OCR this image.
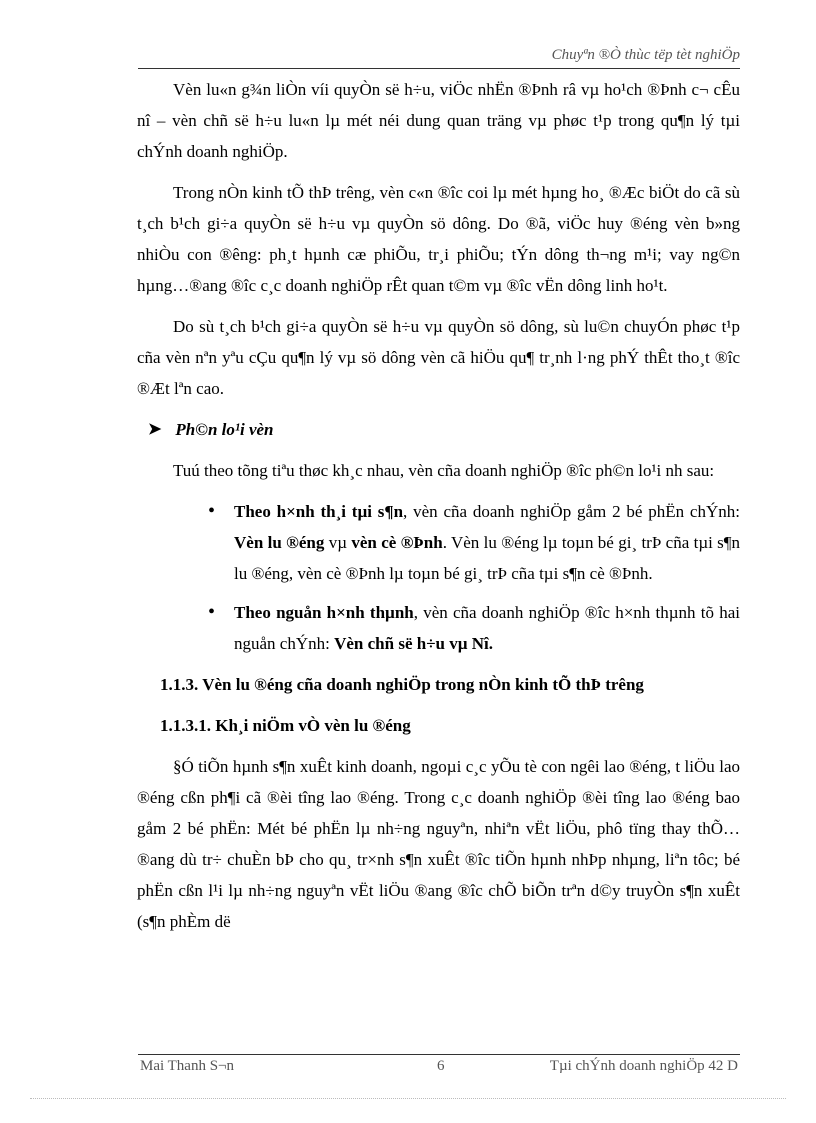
Chuyªn ®Ò thùc tëp tèt nghiÖp

Vèn lu«n g¾n liÒn víi quyÒn së h÷u, viÖc nhËn ®Þnh râ vµ ho¹ch ®Þnh c¬ cÊu nî – vèn chñ së h÷u lu«n lµ mét néi dung quan träng vµ phøc t¹p trong qu¶n lý tµi chÝnh doanh nghiÖp.

Trong nÒn kinh tÕ thÞ trêng, vèn c«n ®îc coi lµ mét hµng ho¸ ®Æc biÖt do cã sù t¸ch b¹ch gi÷a quyÒn së h÷u vµ quyÒn sö dông. Do ®ã, viÖc huy ®éng vèn b»ng nhiÒu con ®êng: ph¸t hµnh cæ phiÕu, tr¸i phiÕu; tÝn dông th¬ng m¹i; vay ng©n hµng…®ang ®îc c¸c doanh nghiÖp rÊt quan t©m vµ ®îc vËn dông linh ho¹t.

Do sù t¸ch b¹ch gi÷a quyÒn së h÷u vµ quyÒn sö dông, sù lu©n chuyÓn phøc t¹p cña vèn nªn yªu cÇu qu¶n lý vµ sö dông vèn cã hiÖu qu¶ tr¸nh l·ng phÝ thÊt tho¸t ®îc ®Æt lªn cao.

➤ Ph©n lo¹i vèn

Tuú theo tõng tiªu thøc kh¸c nhau, vèn cña doanh nghiÖp ®îc ph©n lo¹i nh sau:

• Theo h×nh th¸i tµi s¶n, vèn cña doanh nghiÖp gåm 2 bé phËn chÝnh: Vèn lu ®éng vµ vèn cè ®Þnh. Vèn lu ®éng lµ toµn bé gi¸ trÞ cña tµi s¶n lu ®éng, vèn cè ®Þnh lµ toµn bé gi¸ trÞ cña tµi s¶n cè ®Þnh.
• Theo nguån h×nh thµnh, vèn cña doanh nghiÖp ®îc h×nh thµnh tõ hai nguån chÝnh: Vèn chñ së h÷u vµ Nî.
1.1.3. Vèn lu ®éng cña doanh nghiÖp trong nÒn kinh tÕ thÞ trêng
1.1.3.1. Kh¸i niÖm vÒ vèn lu ®éng

§Ó tiÕn hµnh s¶n xuÊt kinh doanh, ngoµi c¸c yÕu tè con ngêi lao ®éng, t liÖu lao ®éng cßn ph¶i cã ®èi tîng lao ®éng. Trong c¸c doanh nghiÖp ®èi tîng lao ®éng bao gåm 2 bé phËn: Mét bé phËn lµ nh÷ng nguyªn, nhiªn vËt liÖu, phô tïng thay thÕ…®ang dù tr÷ chuÈn bÞ cho qu¸ tr×nh s¶n xuÊt ®îc tiÕn hµnh nhÞp nhµng, liªn tôc; bé phËn cßn l¹i lµ nh÷ng nguyªn vËt liÖu ®ang ®îc chÕ biÕn trªn d©y truyÒn s¶n xuÊt (s¶n phÈm dë

Mai Thanh S¬n	6	Tµi chÝnh doanh nghiÖp 42 D
